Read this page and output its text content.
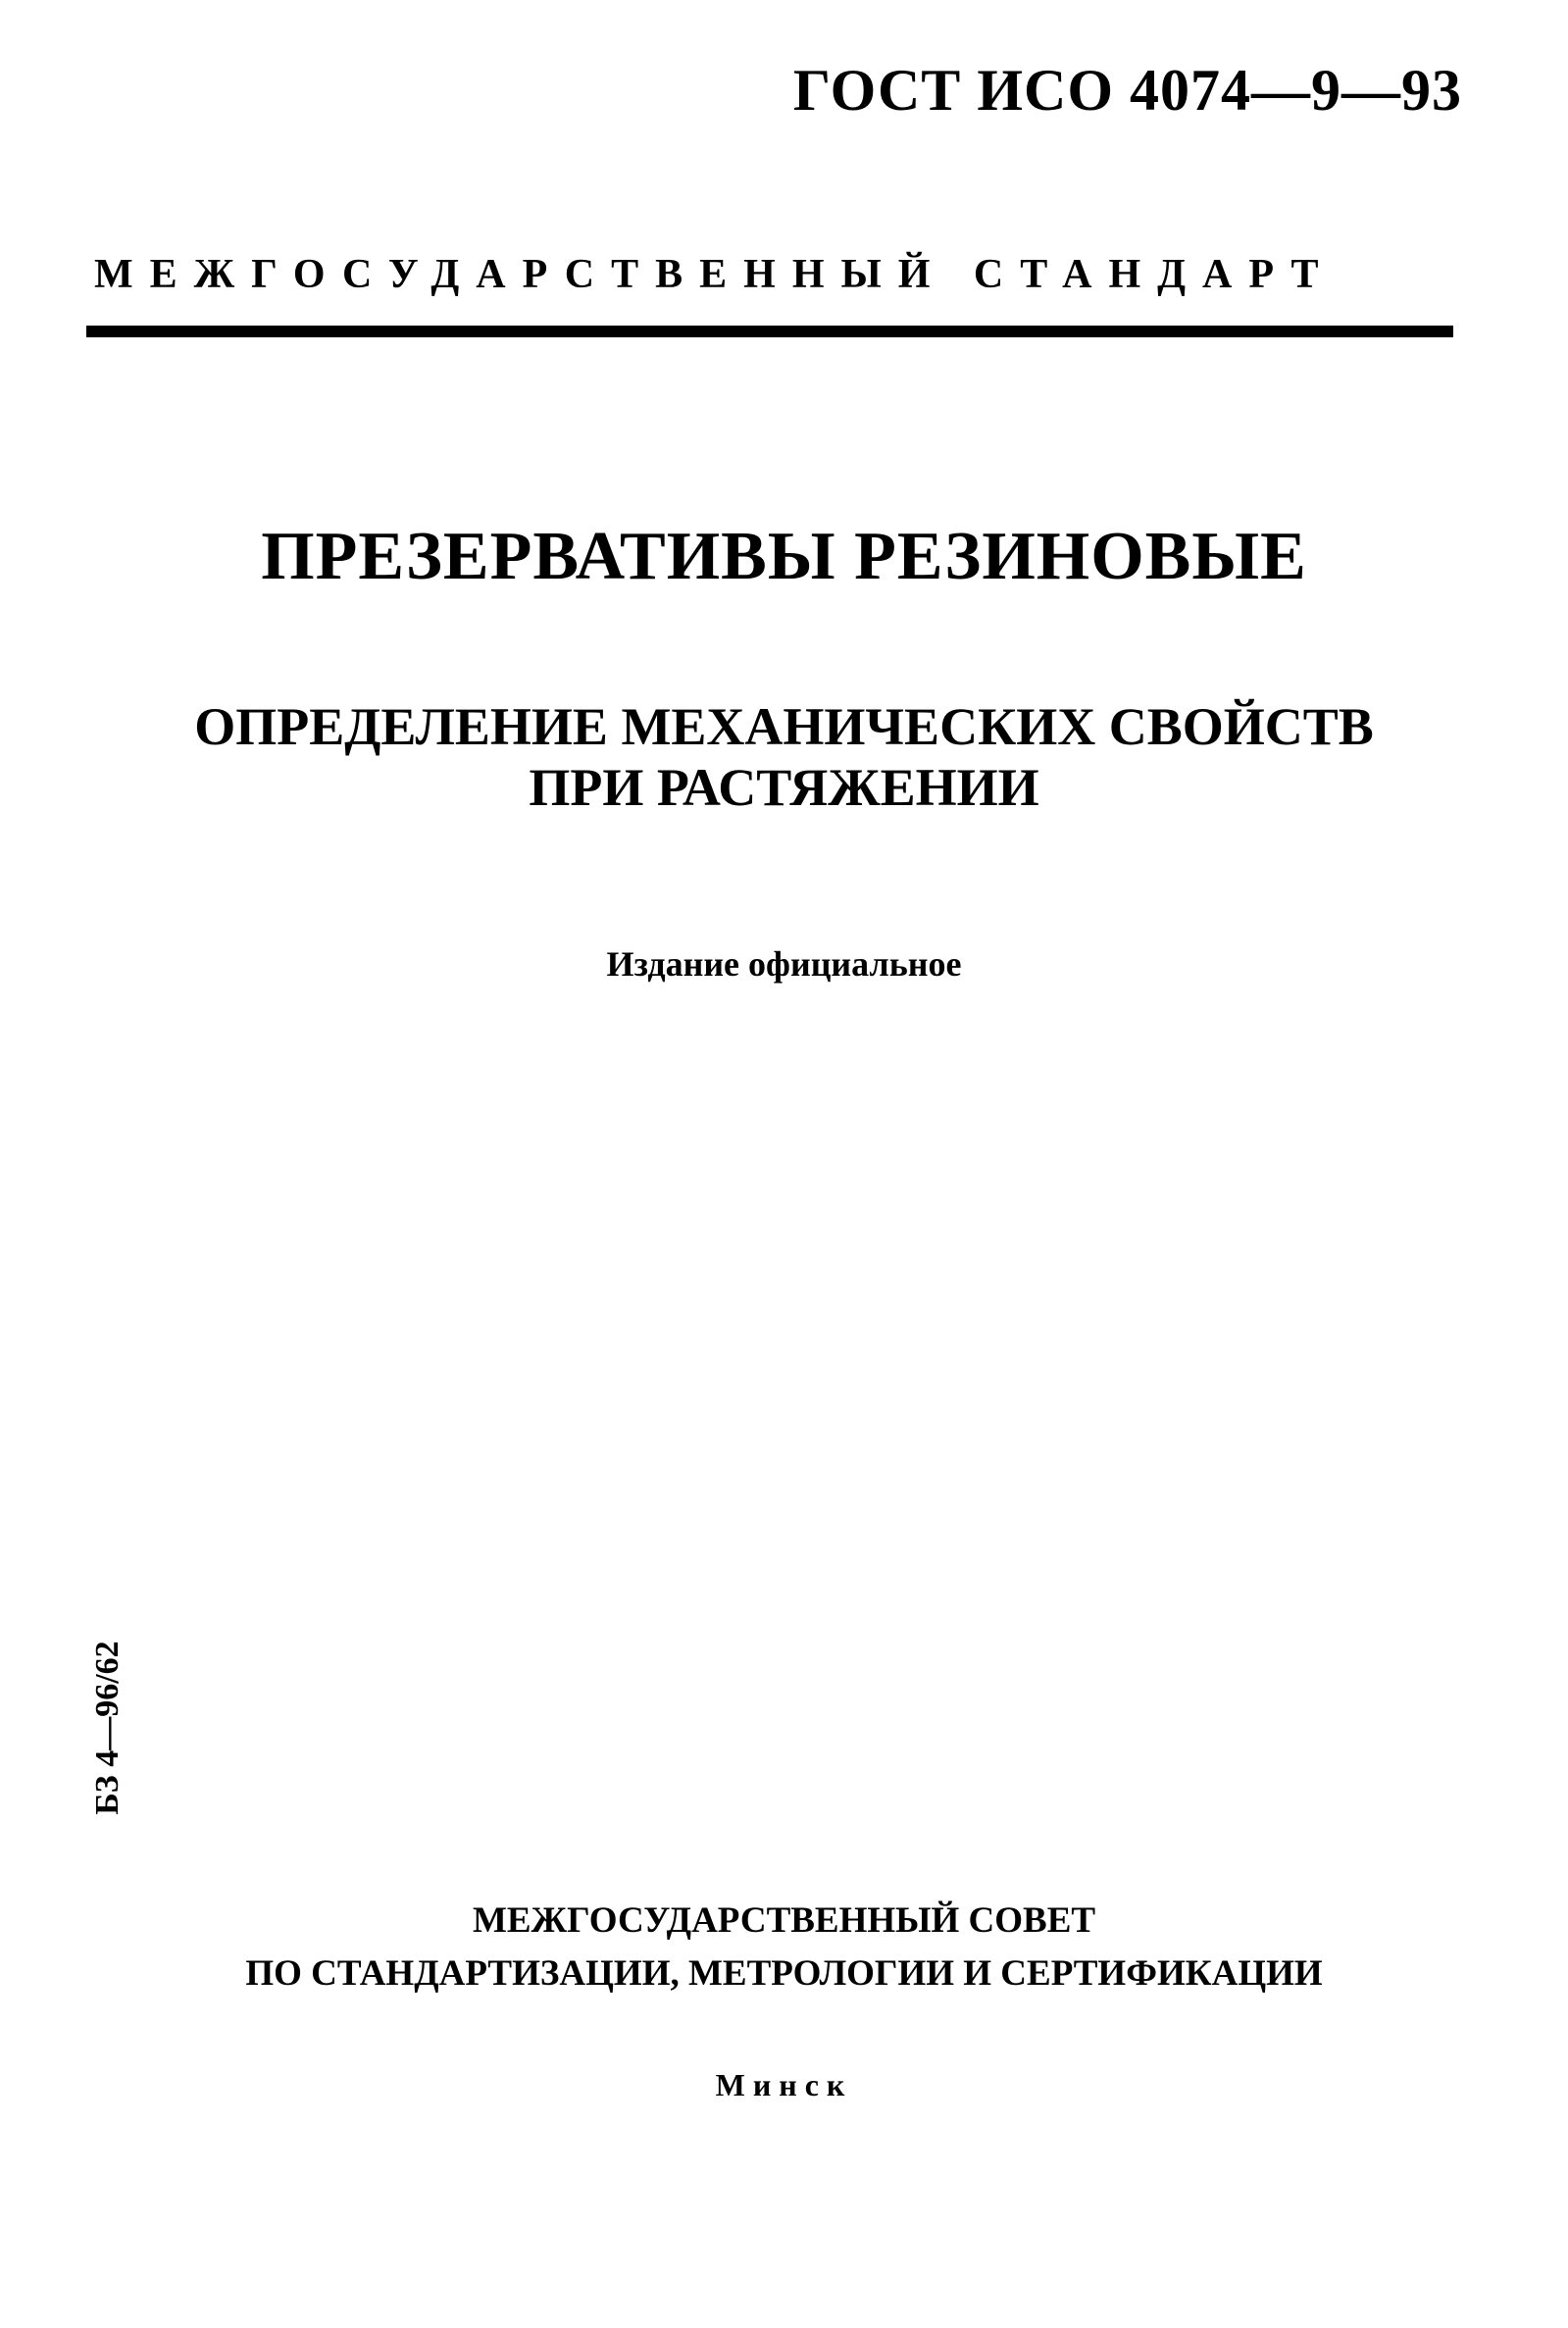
ГОСТ ИСО 4074—9—93
МЕЖГОСУДАРСТВЕННЫЙ СТАНДАРТ
ПРЕЗЕРВАТИВЫ РЕЗИНОВЫЕ
ОПРЕДЕЛЕНИЕ МЕХАНИЧЕСКИХ СВОЙСТВ
ПРИ РАСТЯЖЕНИИ
Издание официальное
БЗ 4—96/62
МЕЖГОСУДАРСТВЕННЫЙ СОВЕТ
ПО СТАНДАРТИЗАЦИИ, МЕТРОЛОГИИ И СЕРТИФИКАЦИИ
Минск
